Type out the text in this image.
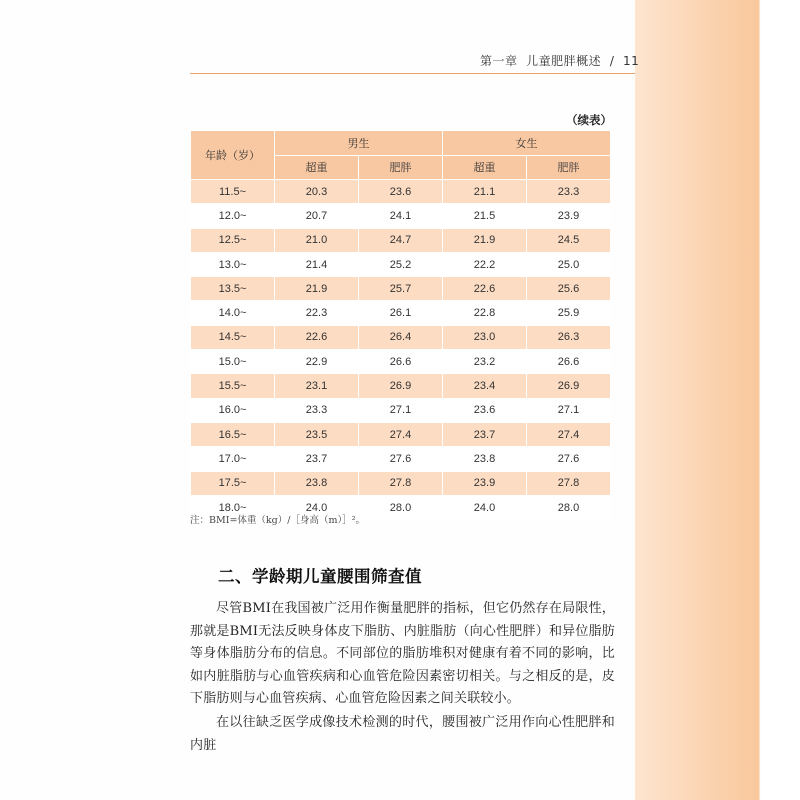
第一章 儿童肥胖概述 / 11
（续表）
年龄（岁）	男生		女生	
	超重	肥胖	超重	肥胖
11.5~	20.3	23.6	21.1	23.3
12.0~	20.7	24.1	21.5	23.9
12.5~	21.0	24.7	21.9	24.5
13.0~	21.4	25.2	22.2	25.0
13.5~	21.9	25.7	22.6	25.6
14.0~	22.3	26.1	22.8	25.9
14.5~	22.6	26.4	23.0	26.3
15.0~	22.9	26.6	23.2	26.6
15.5~	23.1	26.9	23.4	26.9
16.0~	23.3	27.1	23.6	27.1
16.5~	23.5	27.4	23.7	27.4
17.0~	23.7	27.6	23.8	27.6
17.5~	23.8	27.8	23.9	27.8
18.0~	24.0	28.0	24.0	28.0
注：BMI=体重（kg）/［身高（m）］²。
二、学龄期儿童腰围筛查值
尽管BMI在我国被广泛用作衡量肥胖的指标，但它仍然存在局限性，那就是BMI无法反映身体皮下脂肪、内脏脂肪（向心性肥胖）和异位脂肪等身体脂肪分布的信息。不同部位的脂肪堆积对健康有着不同的影响，比如内脏脂肪与心血管疾病和心血管危险因素密切相关。与之相反的是，皮下脂肪则与心血管疾病、心血管危险因素之间关联较小。
在以往缺乏医学成像技术检测的时代，腰围被广泛用作向心性肥胖和内脏
